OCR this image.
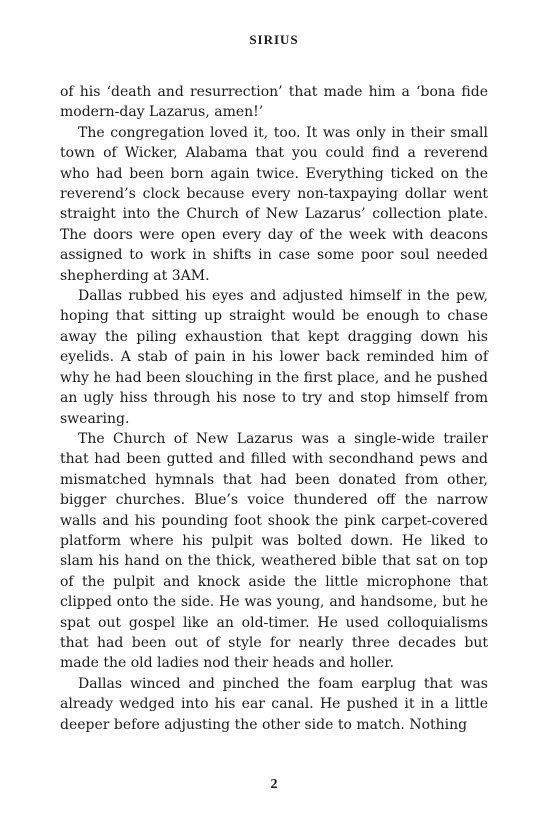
SIRIUS

of his ‘death and resurrection’ that made him a ‘bona fide modern-day Lazarus, amen!’

The congregation loved it, too. It was only in their small town of Wicker, Alabama that you could find a reverend who had been born again twice. Everything ticked on the reverend’s clock because every non-taxpaying dollar went straight into the Church of New Lazarus’ collection plate. The doors were open every day of the week with deacons assigned to work in shifts in case some poor soul needed shepherding at 3AM.

Dallas rubbed his eyes and adjusted himself in the pew, hoping that sitting up straight would be enough to chase away the piling exhaustion that kept dragging down his eyelids. A stab of pain in his lower back reminded him of why he had been slouching in the first place, and he pushed an ugly hiss through his nose to try and stop himself from swearing.

The Church of New Lazarus was a single-wide trailer that had been gutted and filled with secondhand pews and mismatched hymnals that had been donated from other, bigger churches. Blue’s voice thundered off the narrow walls and his pounding foot shook the pink carpet-covered platform where his pulpit was bolted down. He liked to slam his hand on the thick, weathered bible that sat on top of the pulpit and knock aside the little microphone that clipped onto the side. He was young, and handsome, but he spat out gospel like an old-timer. He used colloquialisms that had been out of style for nearly three decades but made the old ladies nod their heads and holler.

Dallas winced and pinched the foam earplug that was already wedged into his ear canal. He pushed it in a little deeper before adjusting the other side to match. Nothing

2
